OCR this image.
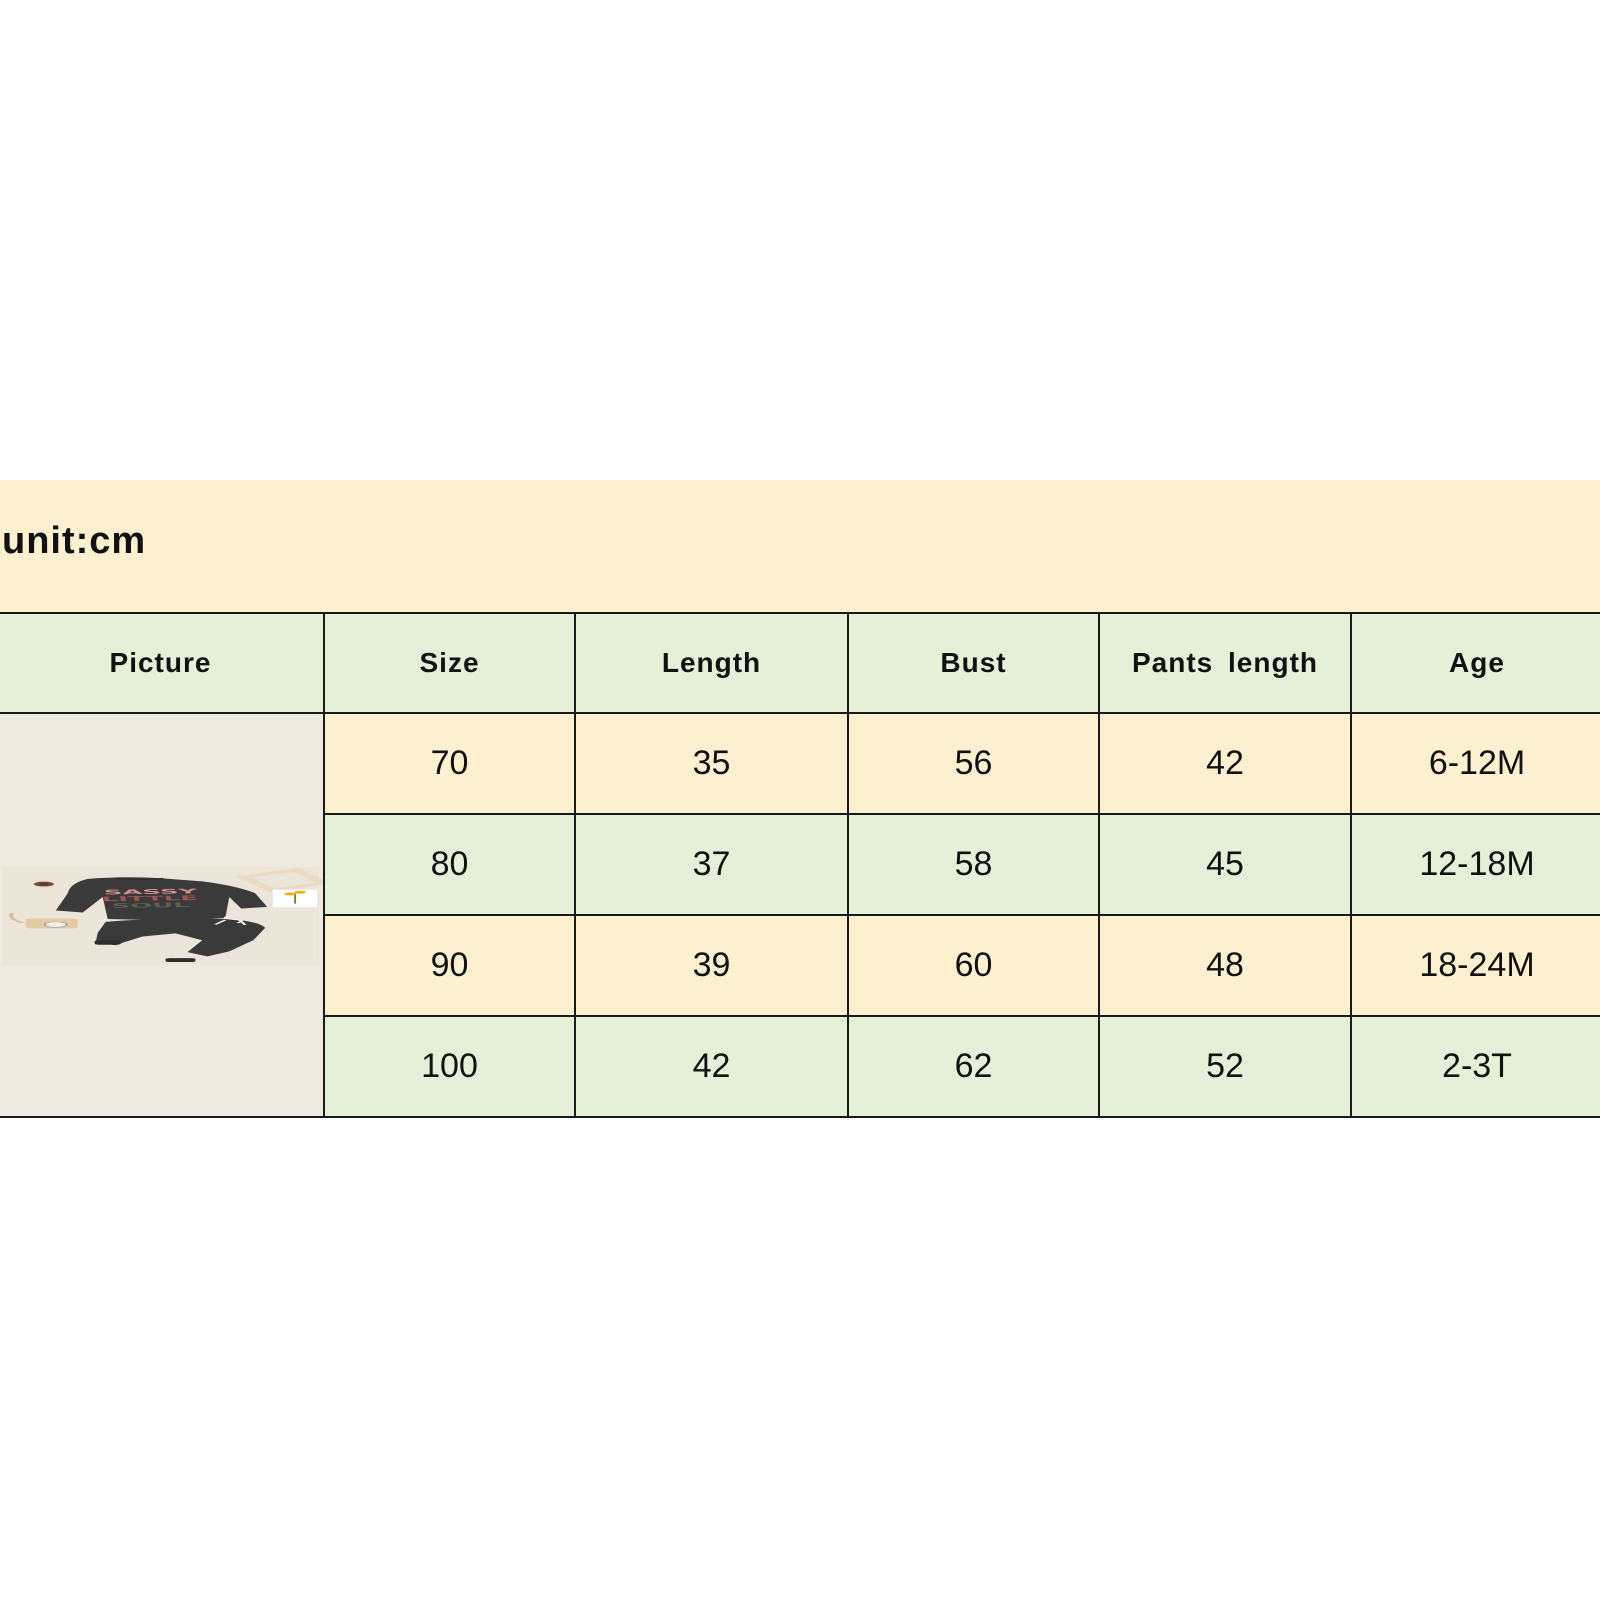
unit:cm
Picture	Size	Length	Bust	Pants length	Age

SASSY
LITTLE
SOUL	70	35	56	42	6-12M
	80	37	58	45	12-18M
	90	39	60	48	18-24M
	100	42	62	52	2-3T
